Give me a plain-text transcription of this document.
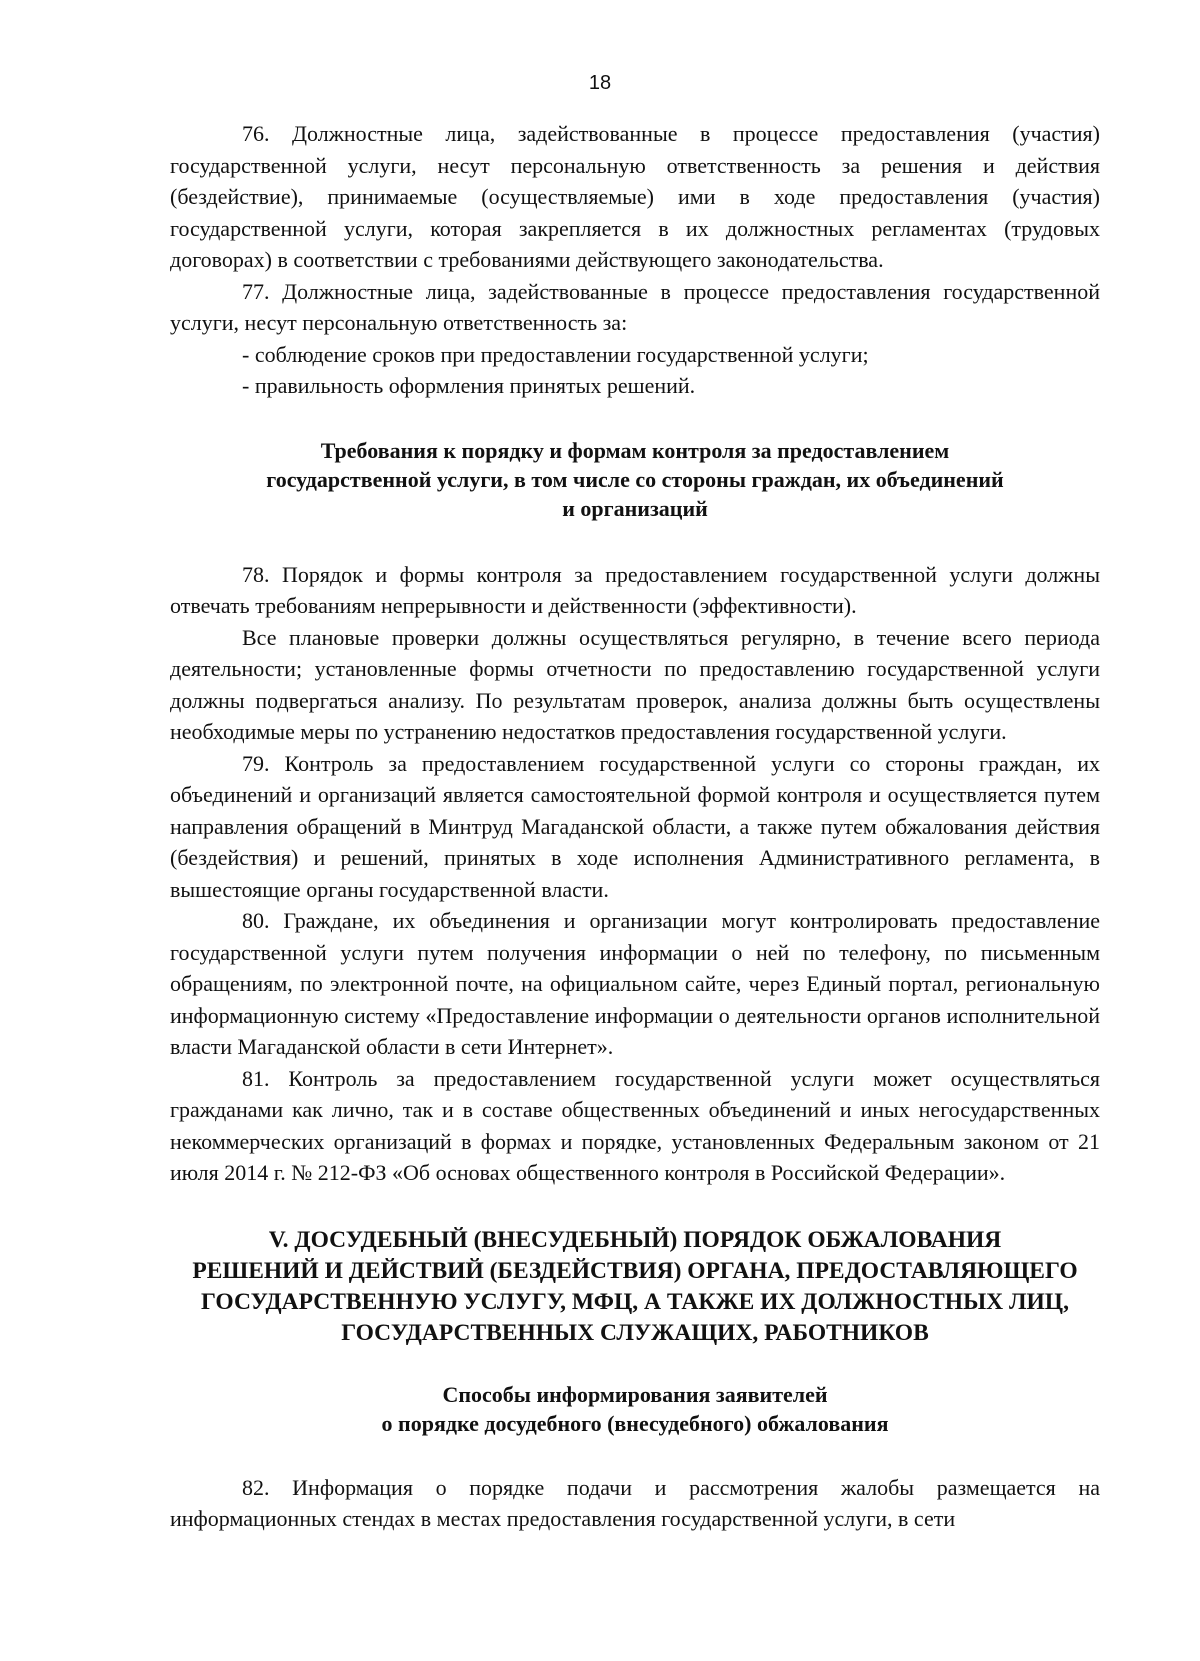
18

76. Должностные лица, задействованные в процессе предоставления (участия) государственной услуги, несут персональную ответственность за решения и действия (бездействие), принимаемые (осуществляемые) ими в ходе предоставления (участия) государственной услуги, которая закрепляется в их должностных регламентах (трудовых договорах) в соответствии с требованиями действующего законодательства.

77. Должностные лица, задействованные в процессе предоставления государственной услуги, несут персональную ответственность за:

- соблюдение сроков при предоставлении государственной услуги;

- правильность оформления принятых решений.

Требования к порядку и формам контроля за предоставлением
государственной услуги, в том числе со стороны граждан, их объединений
и организаций

78. Порядок и формы контроля за предоставлением государственной услуги должны отвечать требованиям непрерывности и действенности (эффективности).

Все плановые проверки должны осуществляться регулярно, в течение всего периода деятельности; установленные формы отчетности по предоставлению государственной услуги должны подвергаться анализу. По результатам проверок, анализа должны быть осуществлены необходимые меры по устранению недостатков предоставления государственной услуги.

79. Контроль за предоставлением государственной услуги со стороны граждан, их объединений и организаций является самостоятельной формой контроля и осуществляется путем направления обращений в Минтруд Магаданской области, а также путем обжалования действия (бездействия) и решений, принятых в ходе исполнения Административного регламента, в вышестоящие органы государственной власти.

80. Граждане, их объединения и организации могут контролировать предоставление государственной услуги путем получения информации о ней по телефону, по письменным обращениям, по электронной почте, на официальном сайте, через Единый портал, региональную информационную систему «Предоставление информации о деятельности органов исполнительной власти Магаданской области в сети Интернет».

81. Контроль за предоставлением государственной услуги может осуществляться гражданами как лично, так и в составе общественных объединений и иных негосударственных некоммерческих организаций в формах и порядке, установленных Федеральным законом от 21 июля 2014 г. № 212-ФЗ «Об основах общественного контроля в Российской Федерации».

V. ДОСУДЕБНЫЙ (ВНЕСУДЕБНЫЙ) ПОРЯДОК ОБЖАЛОВАНИЯ
РЕШЕНИЙ И ДЕЙСТВИЙ (БЕЗДЕЙСТВИЯ) ОРГАНА, ПРЕДОСТАВЛЯЮЩЕГО
ГОСУДАРСТВЕННУЮ УСЛУГУ, МФЦ, А ТАКЖЕ ИХ ДОЛЖНОСТНЫХ ЛИЦ,
ГОСУДАРСТВЕННЫХ СЛУЖАЩИХ, РАБОТНИКОВ
Способы информирования заявителей
о порядке досудебного (внесудебного) обжалования

82. Информация о порядке подачи и рассмотрения жалобы размещается на информационных стендах в местах предоставления государственной услуги, в сети
